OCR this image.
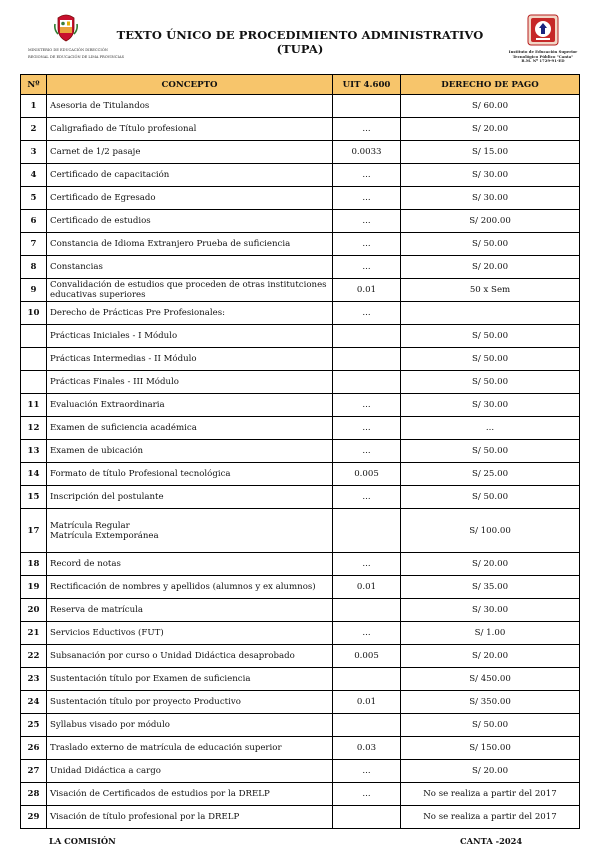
MINISTERIO DE EDUCACIÓN DIRECCIÓN
REGIONAL DE EDUCACIÓN DE LIMA PROVINCIAS
TEXTO ÚNICO DE PROCEDIMIENTO ADMINISTRATIVO (TUPA)	Instituto de Educación Superior
Tecnológico Público "Canta"
R.M. Nº 1729-91-ED
Nº	CONCEPTO	UIT 4.600	DERECHO DE PAGO
1	Asesoria de Titulandos		S/ 60.00
2	Caligrafiado de Título profesional	...	S/ 20.00
3	Carnet de 1/2 pasaje	0.0033	S/ 15.00
4	Certificado de capacitación	...	S/ 30.00
5	Certificado de Egresado	...	S/ 30.00
6	Certificado de estudios	...	S/ 200.00
7	Constancia de Idioma Extranjero Prueba de suficiencia	...	S/ 50.00
8	Constancias	...	S/ 20.00
9	Convalidación de estudios que proceden de otras institutciones educativas superiores	0.01	50 x Sem
10	Derecho de Prácticas Pre Profesionales:	...	
	Prácticas Iniciales - I Módulo		S/ 50.00
	Prácticas Intermedias - II Módulo		S/ 50.00
	Prácticas Finales - III Módulo		S/ 50.00
11	Evaluación Extraordinaria	...	S/ 30.00
12	Examen de suficiencia académica	...	...
13	Examen de ubicación	...	S/ 50.00
14	Formato de título Profesional tecnológica	0.005	S/ 25.00
15	Inscripción del postulante	...	S/ 50.00
17	Matrícula Regular
Matrícula Extemporánea		S/ 100.00
18	Record de notas	...	S/ 20.00
19	Rectificación de nombres y apellidos (alumnos y ex alumnos)	0.01	S/ 35.00
20	Reserva de matrícula		S/ 30.00
21	Servicios Eductivos (FUT)	...	S/ 1.00
22	Subsanación por curso o Unidad Didáctica desaprobado	0.005	S/ 20.00
23	Sustentación título por Examen de suficiencia		S/ 450.00
24	Sustentación título por proyecto Productivo	0.01	S/ 350.00
25	Syllabus visado por módulo		S/ 50.00
26	Traslado externo de matrícula de educación superior	0.03	S/ 150.00
27	Unidad Didáctica a cargo	...	S/ 20.00
28	Visación de Certificados de estudios por la DRELP	...	No se realiza a partir del 2017
29	Visación de título profesional por la DRELP		No se realiza a partir del 2017
LA COMISIÓN	CANTA -2024
